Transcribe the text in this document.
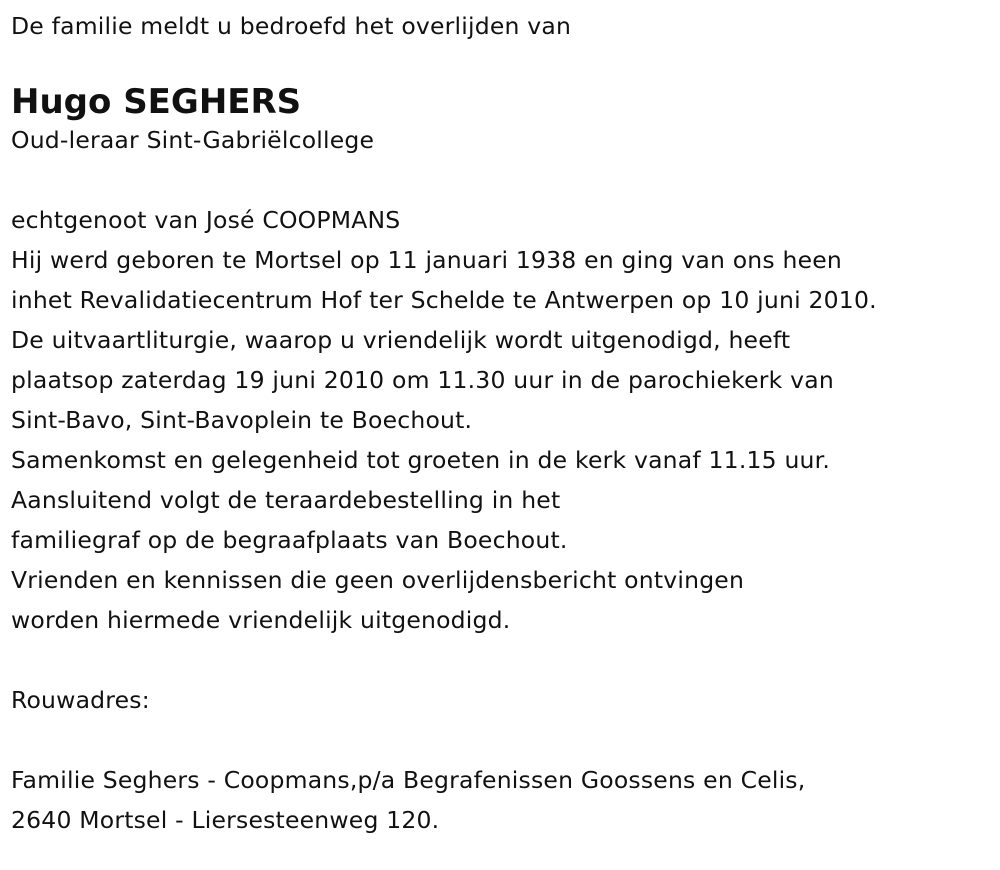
De familie meldt u bedroefd het overlijden van
Hugo SEGHERS
Oud-leraar Sint-Gabriëlcollege
echtgenoot van José COOPMANS
Hij werd geboren te Mortsel op 11 januari 1938 en ging van ons heen
inhet Revalidatiecentrum Hof ter Schelde te Antwerpen op 10 juni 2010.
De uitvaartliturgie, waarop u vriendelijk wordt uitgenodigd, heeft
plaatsop zaterdag 19 juni 2010 om 11.30 uur in de parochiekerk van
Sint-Bavo, Sint-Bavoplein te Boechout.
Samenkomst en gelegenheid tot groeten in de kerk vanaf 11.15 uur.
Aansluitend volgt de teraardebestelling in het
familiegraf op de begraafplaats van Boechout.
Vrienden en kennissen die geen overlijdensbericht ontvingen
worden hiermede vriendelijk uitgenodigd.
Rouwadres:
Familie Seghers - Coopmans,p/a Begrafenissen Goossens en Celis,
2640 Mortsel - Liersesteenweg 120.
